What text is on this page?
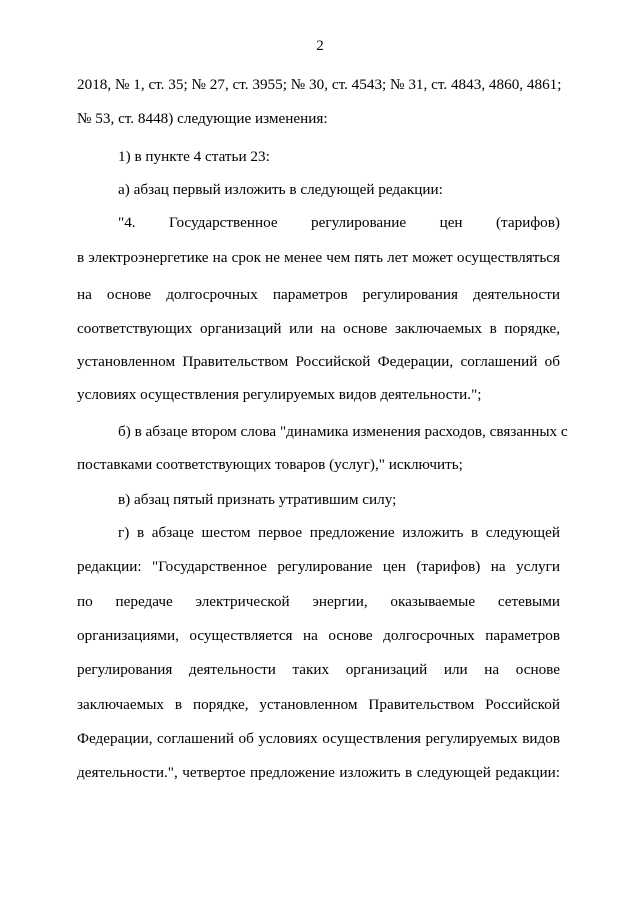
2
2018, № 1, ст. 35; № 27, ст. 3955; № 30, ст. 4543; № 31, ст. 4843, 4860, 4861;
№ 53, ст. 8448) следующие изменения:
1) в пункте 4 статьи 23:
а) абзац первый изложить в следующей редакции:
"4. Государственное регулирование цен (тарифов)
в электроэнергетике на срок не менее чем пять лет может осуществляться
на основе долгосрочных параметров регулирования деятельности
соответствующих организаций или на основе заключаемых в порядке,
установленном Правительством Российской Федерации, соглашений об
условиях осуществления регулируемых видов деятельности.";
б) в абзаце втором слова "динамика изменения расходов, связанных с
поставками соответствующих товаров (услуг)," исключить;
в) абзац пятый признать утратившим силу;
г) в абзаце шестом первое предложение изложить в следующей
редакции: "Государственное регулирование цен (тарифов) на услуги
по передаче электрической энергии, оказываемые сетевыми
организациями, осуществляется на основе долгосрочных параметров
регулирования деятельности таких организаций или на основе
заключаемых в порядке, установленном Правительством Российской
Федерации, соглашений об условиях осуществления регулируемых видов
деятельности.", четвертое предложение изложить в следующей редакции:
